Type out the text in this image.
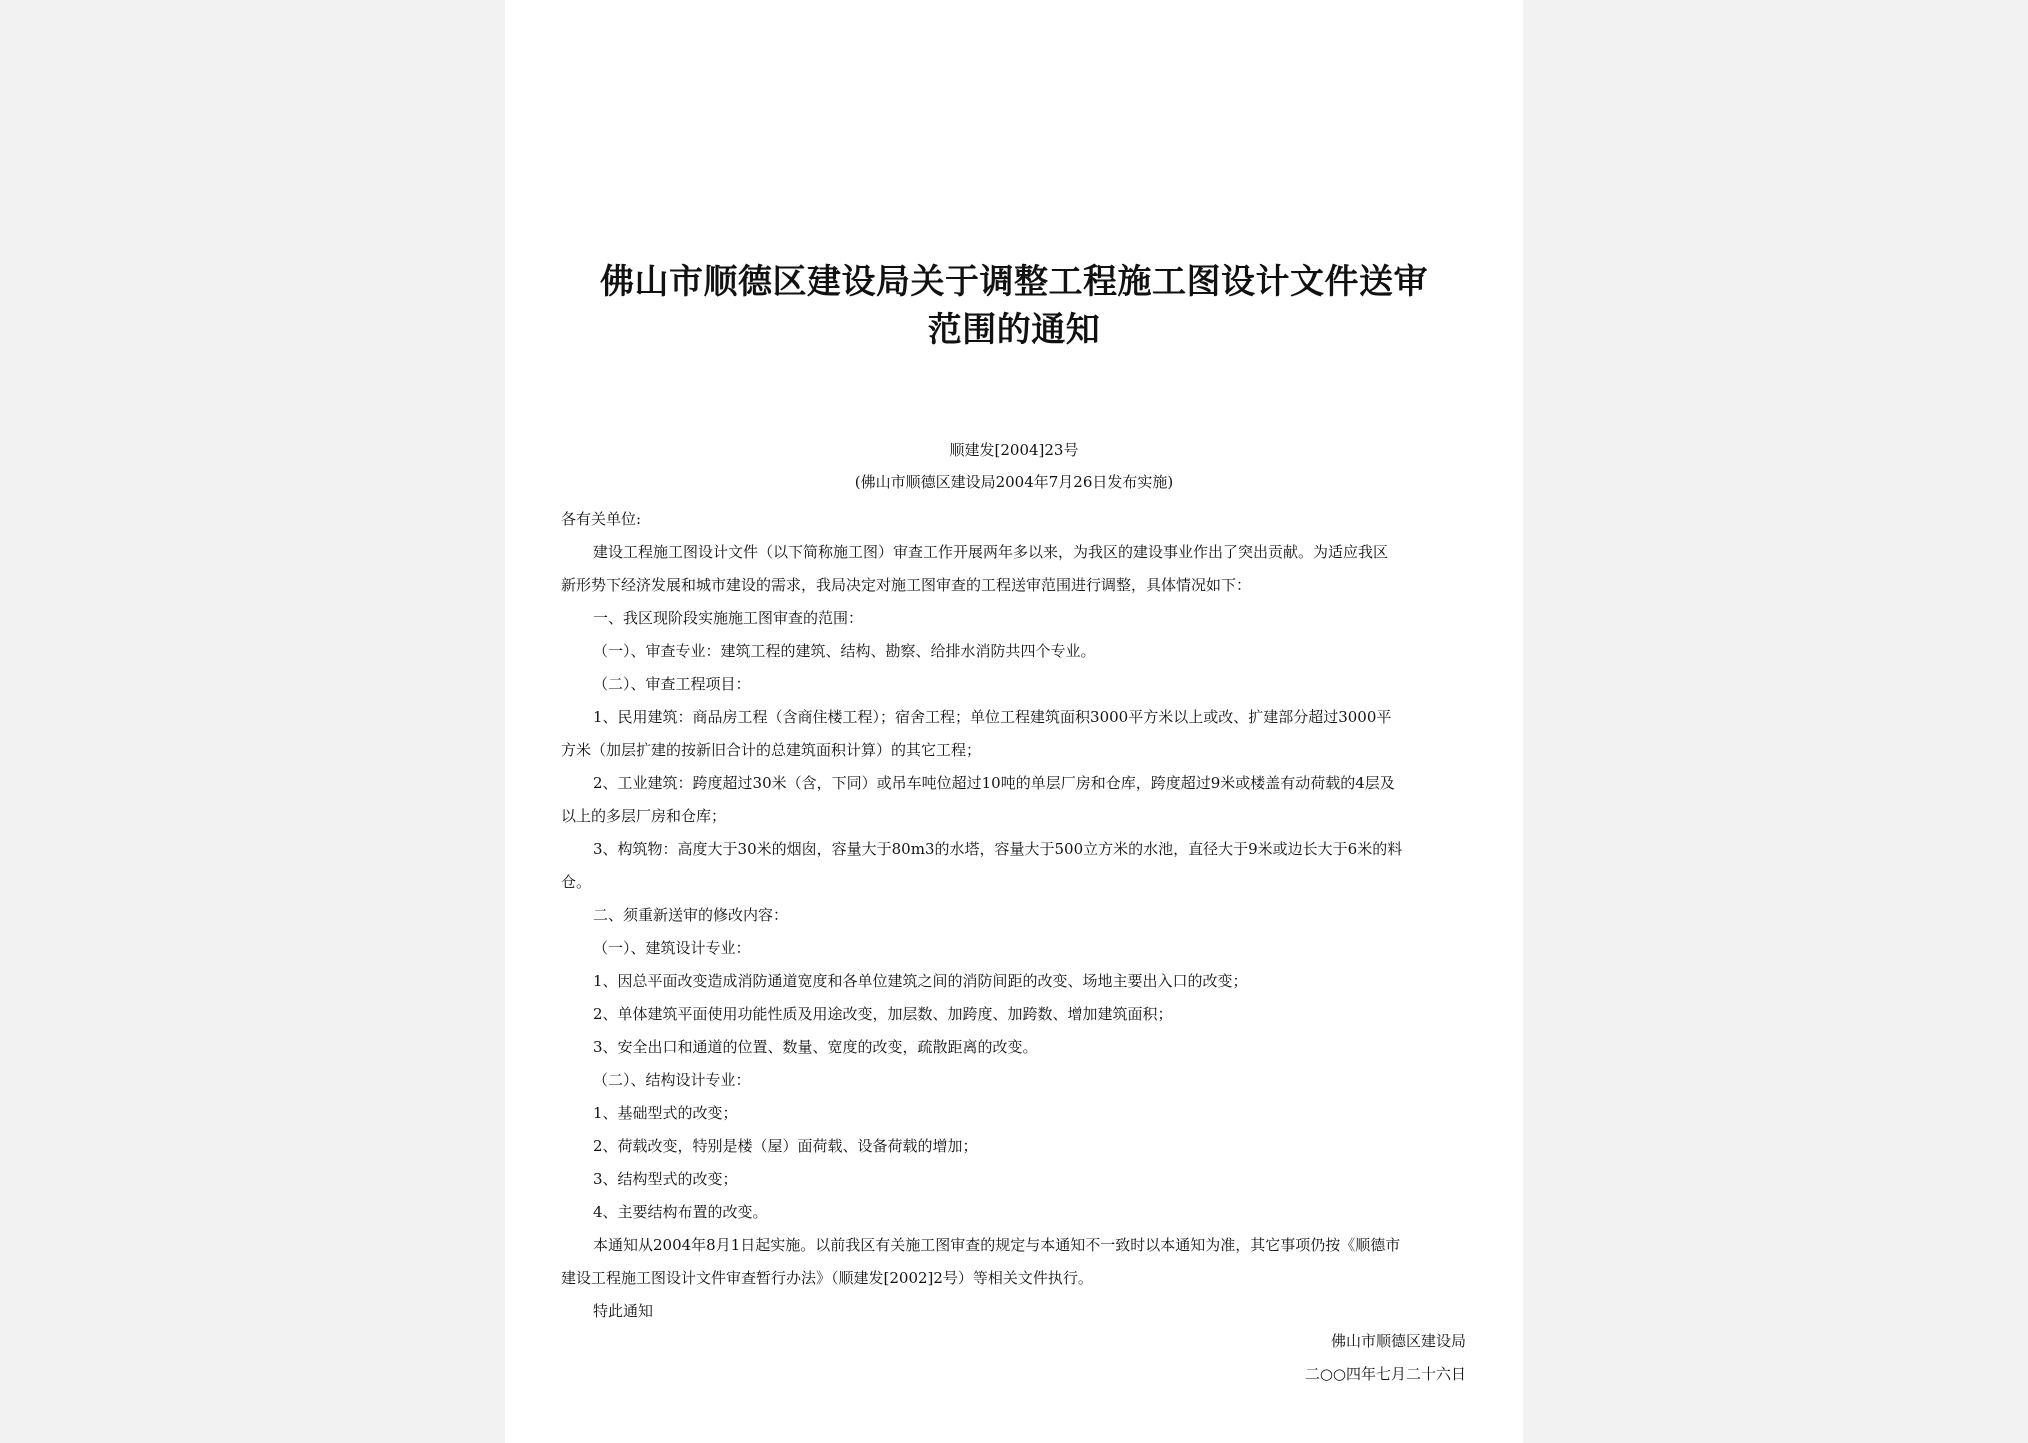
佛山市顺德区建设局关于调整工程施工图设计文件送审
范围的通知
顺建发[2004]23号
(佛山市顺德区建设局2004年7月26日发布实施)

各有关单位:

建设工程施工图设计文件（以下简称施工图）审查工作开展两年多以来，为我区的建设事业作出了突出贡献。为适应我区

新形势下经济发展和城市建设的需求，我局决定对施工图审查的工程送审范围进行调整，具体情况如下：

一、我区现阶段实施施工图审查的范围：

（一）、审查专业：建筑工程的建筑、结构、勘察、给排水消防共四个专业。

（二）、审查工程项目：

1、民用建筑：商品房工程（含商住楼工程）；宿舍工程；单位工程建筑面积3000平方米以上或改、扩建部分超过3000平

方米（加层扩建的按新旧合计的总建筑面积计算）的其它工程；

2、工业建筑：跨度超过30米（含，下同）或吊车吨位超过10吨的单层厂房和仓库，跨度超过9米或楼盖有动荷载的4层及

以上的多层厂房和仓库；

3、构筑物：高度大于30米的烟囱，容量大于80m3的水塔，容量大于500立方米的水池，直径大于9米或边长大于6米的料

仓。

二、须重新送审的修改内容：

（一）、建筑设计专业：

1、因总平面改变造成消防通道宽度和各单位建筑之间的消防间距的改变、场地主要出入口的改变；

2、单体建筑平面使用功能性质及用途改变，加层数、加跨度、加跨数、增加建筑面积；

3、安全出口和通道的位置、数量、宽度的改变，疏散距离的改变。

（二）、结构设计专业：

1、基础型式的改变；

2、荷载改变，特别是楼（屋）面荷载、设备荷载的增加；

3、结构型式的改变；

4、主要结构布置的改变。

本通知从2004年8月1日起实施。以前我区有关施工图审查的规定与本通知不一致时以本通知为准，其它事项仍按《顺德市

建设工程施工图设计文件审查暂行办法》（顺建发[2002]2号）等相关文件执行。

特此通知

佛山市顺德区建设局
二○○四年七月二十六日
